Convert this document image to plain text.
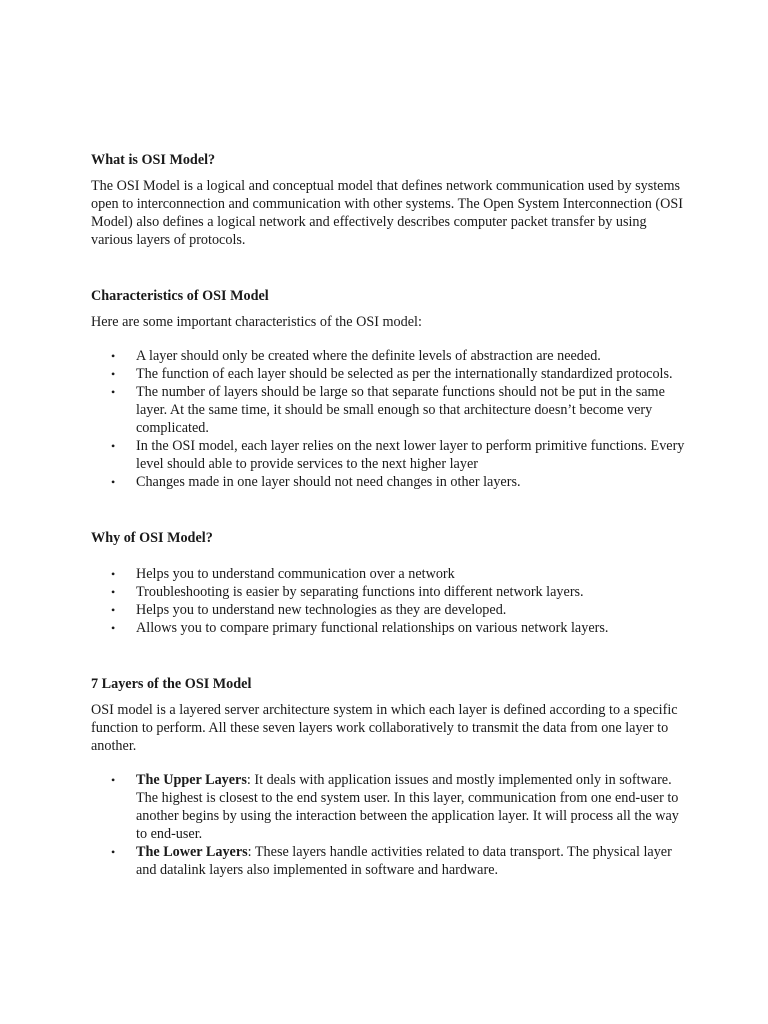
What is OSI Model?

The OSI Model is a logical and conceptual model that defines network communication used by systems open to interconnection and communication with other systems. The Open System Interconnection (OSI Model) also defines a logical network and effectively describes computer packet transfer by using various layers of protocols.

Characteristics of OSI Model

Here are some important characteristics of the OSI model:

• A layer should only be created where the definite levels of abstraction are needed.
• The function of each layer should be selected as per the internationally standardized protocols.
• The number of layers should be large so that separate functions should not be put in the same layer. At the same time, it should be small enough so that architecture doesn’t become very complicated.
• In the OSI model, each layer relies on the next lower layer to perform primitive functions. Every level should able to provide services to the next higher layer
• Changes made in one layer should not need changes in other layers.
Why of OSI Model?
• Helps you to understand communication over a network
• Troubleshooting is easier by separating functions into different network layers.
• Helps you to understand new technologies as they are developed.
• Allows you to compare primary functional relationships on various network layers.
7 Layers of the OSI Model

OSI model is a layered server architecture system in which each layer is defined according to a specific function to perform. All these seven layers work collaboratively to transmit the data from one layer to another.

• The Upper Layers: It deals with application issues and mostly implemented only in software. The highest is closest to the end system user. In this layer, communication from one end-user to another begins by using the interaction between the application layer. It will process all the way to end-user.
• The Lower Layers: These layers handle activities related to data transport. The physical layer and datalink layers also implemented in software and hardware.
